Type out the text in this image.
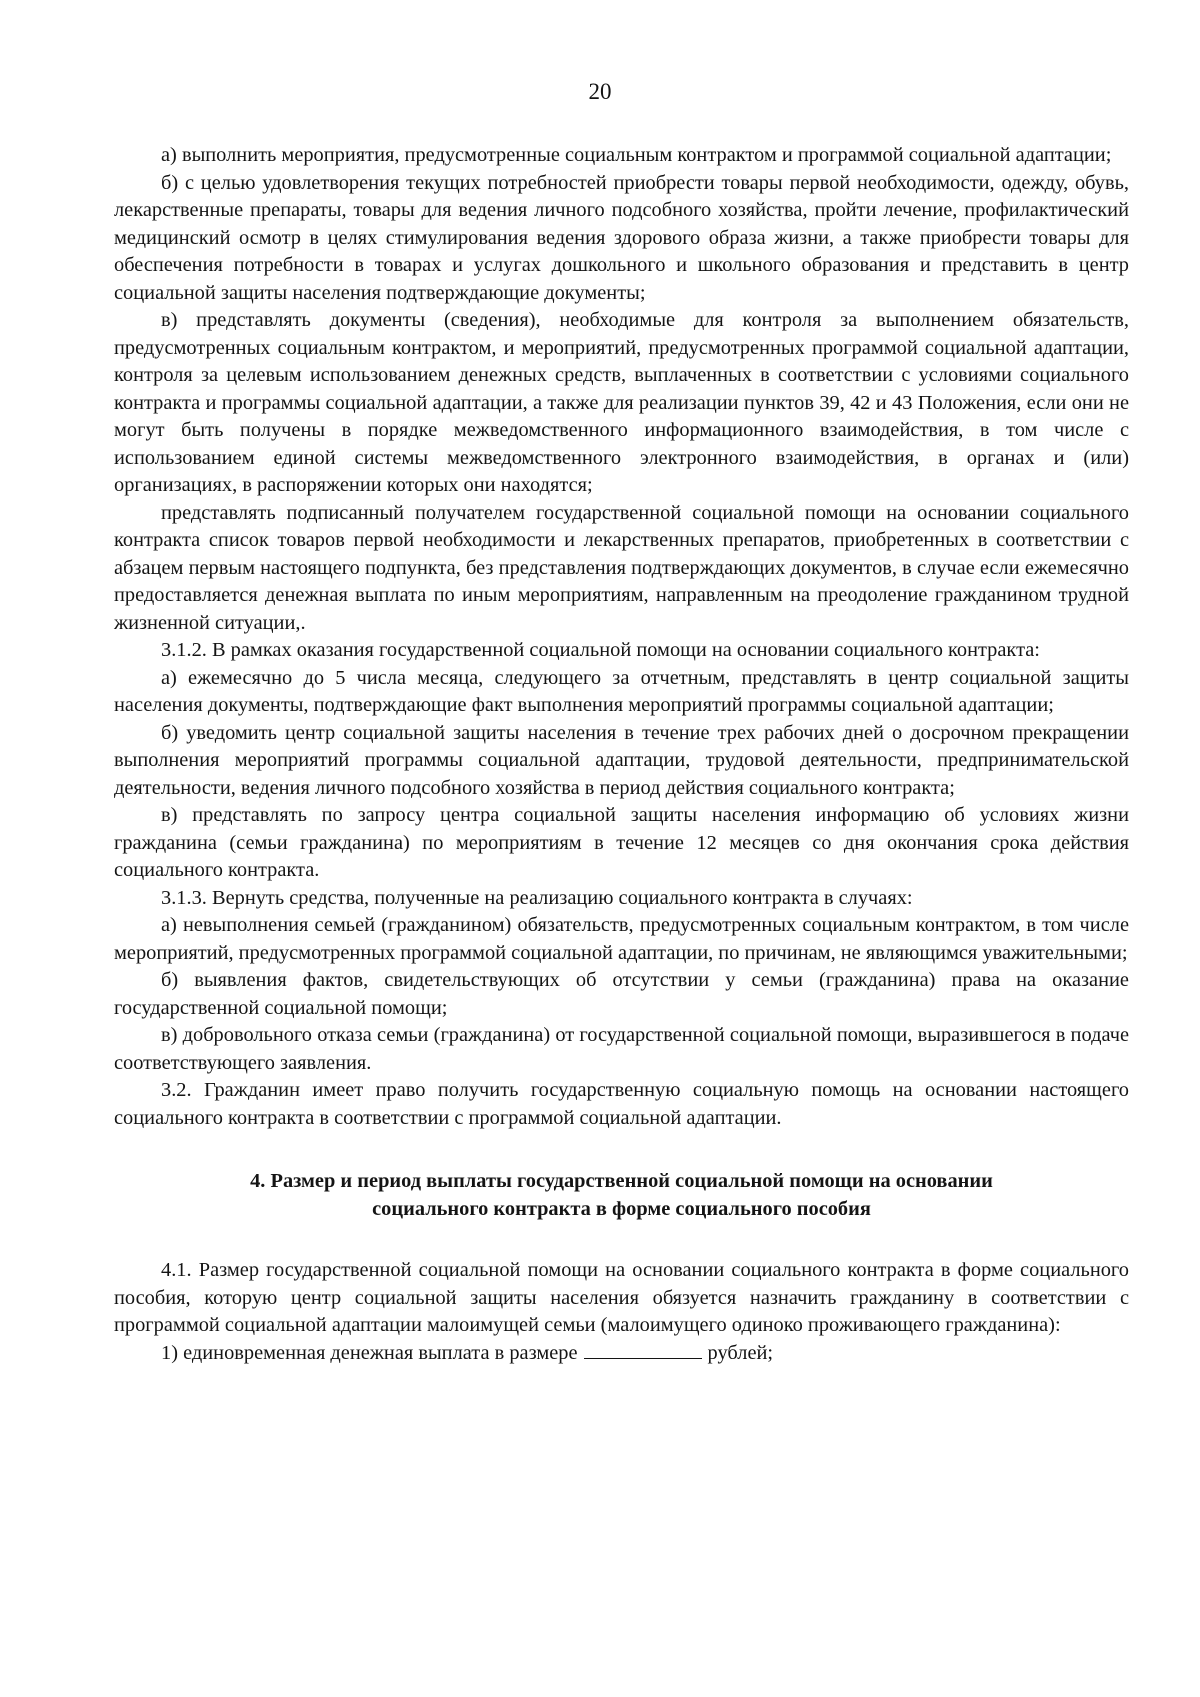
20

а) выполнить мероприятия, предусмотренные социальным контрактом и программой социальной адаптации;

б) с целью удовлетворения текущих потребностей приобрести товары первой необходимости, одежду, обувь, лекарственные препараты, товары для ведения личного подсобного хозяйства, пройти лечение, профилактический медицинский осмотр в целях стимулирования ведения здорового образа жизни, а также приобрести товары для обеспечения потребности в товарах и услугах дошкольного и школьного образования и представить в центр социальной защиты населения подтверждающие документы;

в) представлять документы (сведения), необходимые для контроля за выполнением обязательств, предусмотренных социальным контрактом, и мероприятий, предусмотренных программой социальной адаптации, контроля за целевым использованием денежных средств, выплаченных в соответствии с условиями социального контракта и программы социальной адаптации, а также для реализации пунктов 39, 42 и 43 Положения, если они не могут быть получены в порядке межведомственного информационного взаимодействия, в том числе с использованием единой системы межведомственного электронного взаимодействия, в органах и (или) организациях, в распоряжении которых они находятся;

представлять подписанный получателем государственной социальной помощи на основании социального контракта список товаров первой необходимости и лекарственных препаратов, приобретенных в соответствии с абзацем первым настоящего подпункта, без представления подтверждающих документов, в случае если ежемесячно предоставляется денежная выплата по иным мероприятиям, направленным на преодоление гражданином трудной жизненной ситуации,.

3.1.2. В рамках оказания государственной социальной помощи на основании социального контракта:

а) ежемесячно до 5 числа месяца, следующего за отчетным, представлять в центр социальной защиты населения документы, подтверждающие факт выполнения мероприятий программы социальной адаптации;

б) уведомить центр социальной защиты населения в течение трех рабочих дней о досрочном прекращении выполнения мероприятий программы социальной адаптации, трудовой деятельности, предпринимательской деятельности, ведения личного подсобного хозяйства в период действия социального контракта;

в) представлять по запросу центра социальной защиты населения информацию об условиях жизни гражданина (семьи гражданина) по мероприятиям в течение 12 месяцев со дня окончания срока действия социального контракта.

3.1.3. Вернуть средства, полученные на реализацию социального контракта в случаях:

а) невыполнения семьей (гражданином) обязательств, предусмотренных социальным контрактом, в том числе мероприятий, предусмотренных программой социальной адаптации, по причинам, не являющимся уважительными;

б) выявления фактов, свидетельствующих об отсутствии у семьи (гражданина) права на оказание государственной социальной помощи;

в) добровольного отказа семьи (гражданина) от государственной социальной помощи, выразившегося в подаче соответствующего заявления.

3.2. Гражданин имеет право получить государственную социальную помощь на основании настоящего социального контракта в соответствии с программой социальной адаптации.

4. Размер и период выплаты государственной социальной помощи на основании
социального контракта в форме социального пособия

4.1. Размер государственной социальной помощи на основании социального контракта в форме социального пособия, которую центр социальной защиты населения обязуется назначить гражданину в соответствии с программой социальной адаптации малоимущей семьи (малоимущего одиноко проживающего гражданина):

1) единовременная денежная выплата в размере	рублей;
